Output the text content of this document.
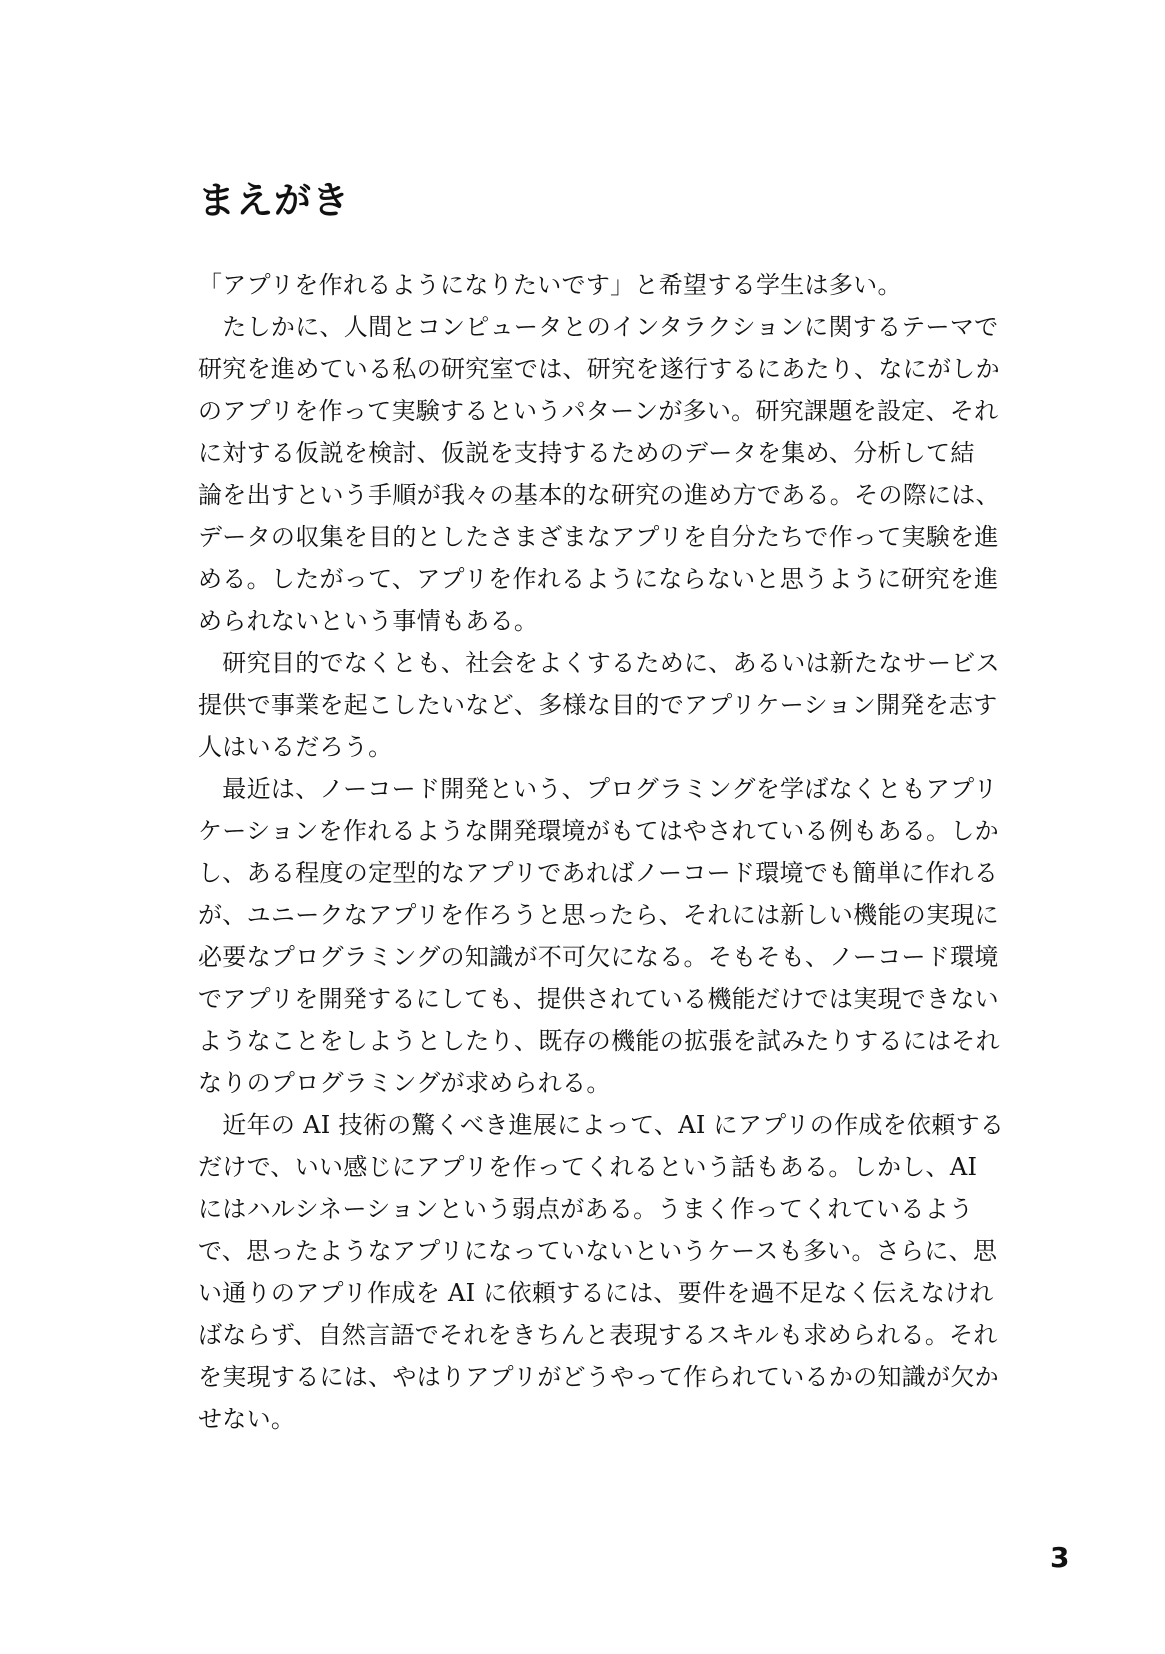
まえがき
「アプリを作れるようになりたいです」と希望する学生は多い。
　たしかに、人間とコンピュータとのインタラクションに関するテーマで
研究を進めている私の研究室では、研究を遂行するにあたり、なにがしか
のアプリを作って実験するというパターンが多い。研究課題を設定、それ
に対する仮説を検討、仮説を支持するためのデータを集め、分析して結
論を出すという手順が我々の基本的な研究の進め方である。その際には、
データの収集を目的としたさまざまなアプリを自分たちで作って実験を進
める。したがって、アプリを作れるようにならないと思うように研究を進
められないという事情もある。
　研究目的でなくとも、社会をよくするために、あるいは新たなサービス
提供で事業を起こしたいなど、多様な目的でアプリケーション開発を志す
人はいるだろう。
　最近は、ノーコード開発という、プログラミングを学ばなくともアプリ
ケーションを作れるような開発環境がもてはやされている例もある。しか
し、ある程度の定型的なアプリであればノーコード環境でも簡単に作れる
が、ユニークなアプリを作ろうと思ったら、それには新しい機能の実現に
必要なプログラミングの知識が不可欠になる。そもそも、ノーコード環境
でアプリを開発するにしても、提供されている機能だけでは実現できない
ようなことをしようとしたり、既存の機能の拡張を試みたりするにはそれ
なりのプログラミングが求められる。
　近年の AI 技術の驚くべき進展によって、AI にアプリの作成を依頼する
だけで、いい感じにアプリを作ってくれるという話もある。しかし、AI
にはハルシネーションという弱点がある。うまく作ってくれているよう
で、思ったようなアプリになっていないというケースも多い。さらに、思
い通りのアプリ作成を AI に依頼するには、要件を過不足なく伝えなけれ
ばならず、自然言語でそれをきちんと表現するスキルも求められる。それ
を実現するには、やはりアプリがどうやって作られているかの知識が欠か
せない。
3
